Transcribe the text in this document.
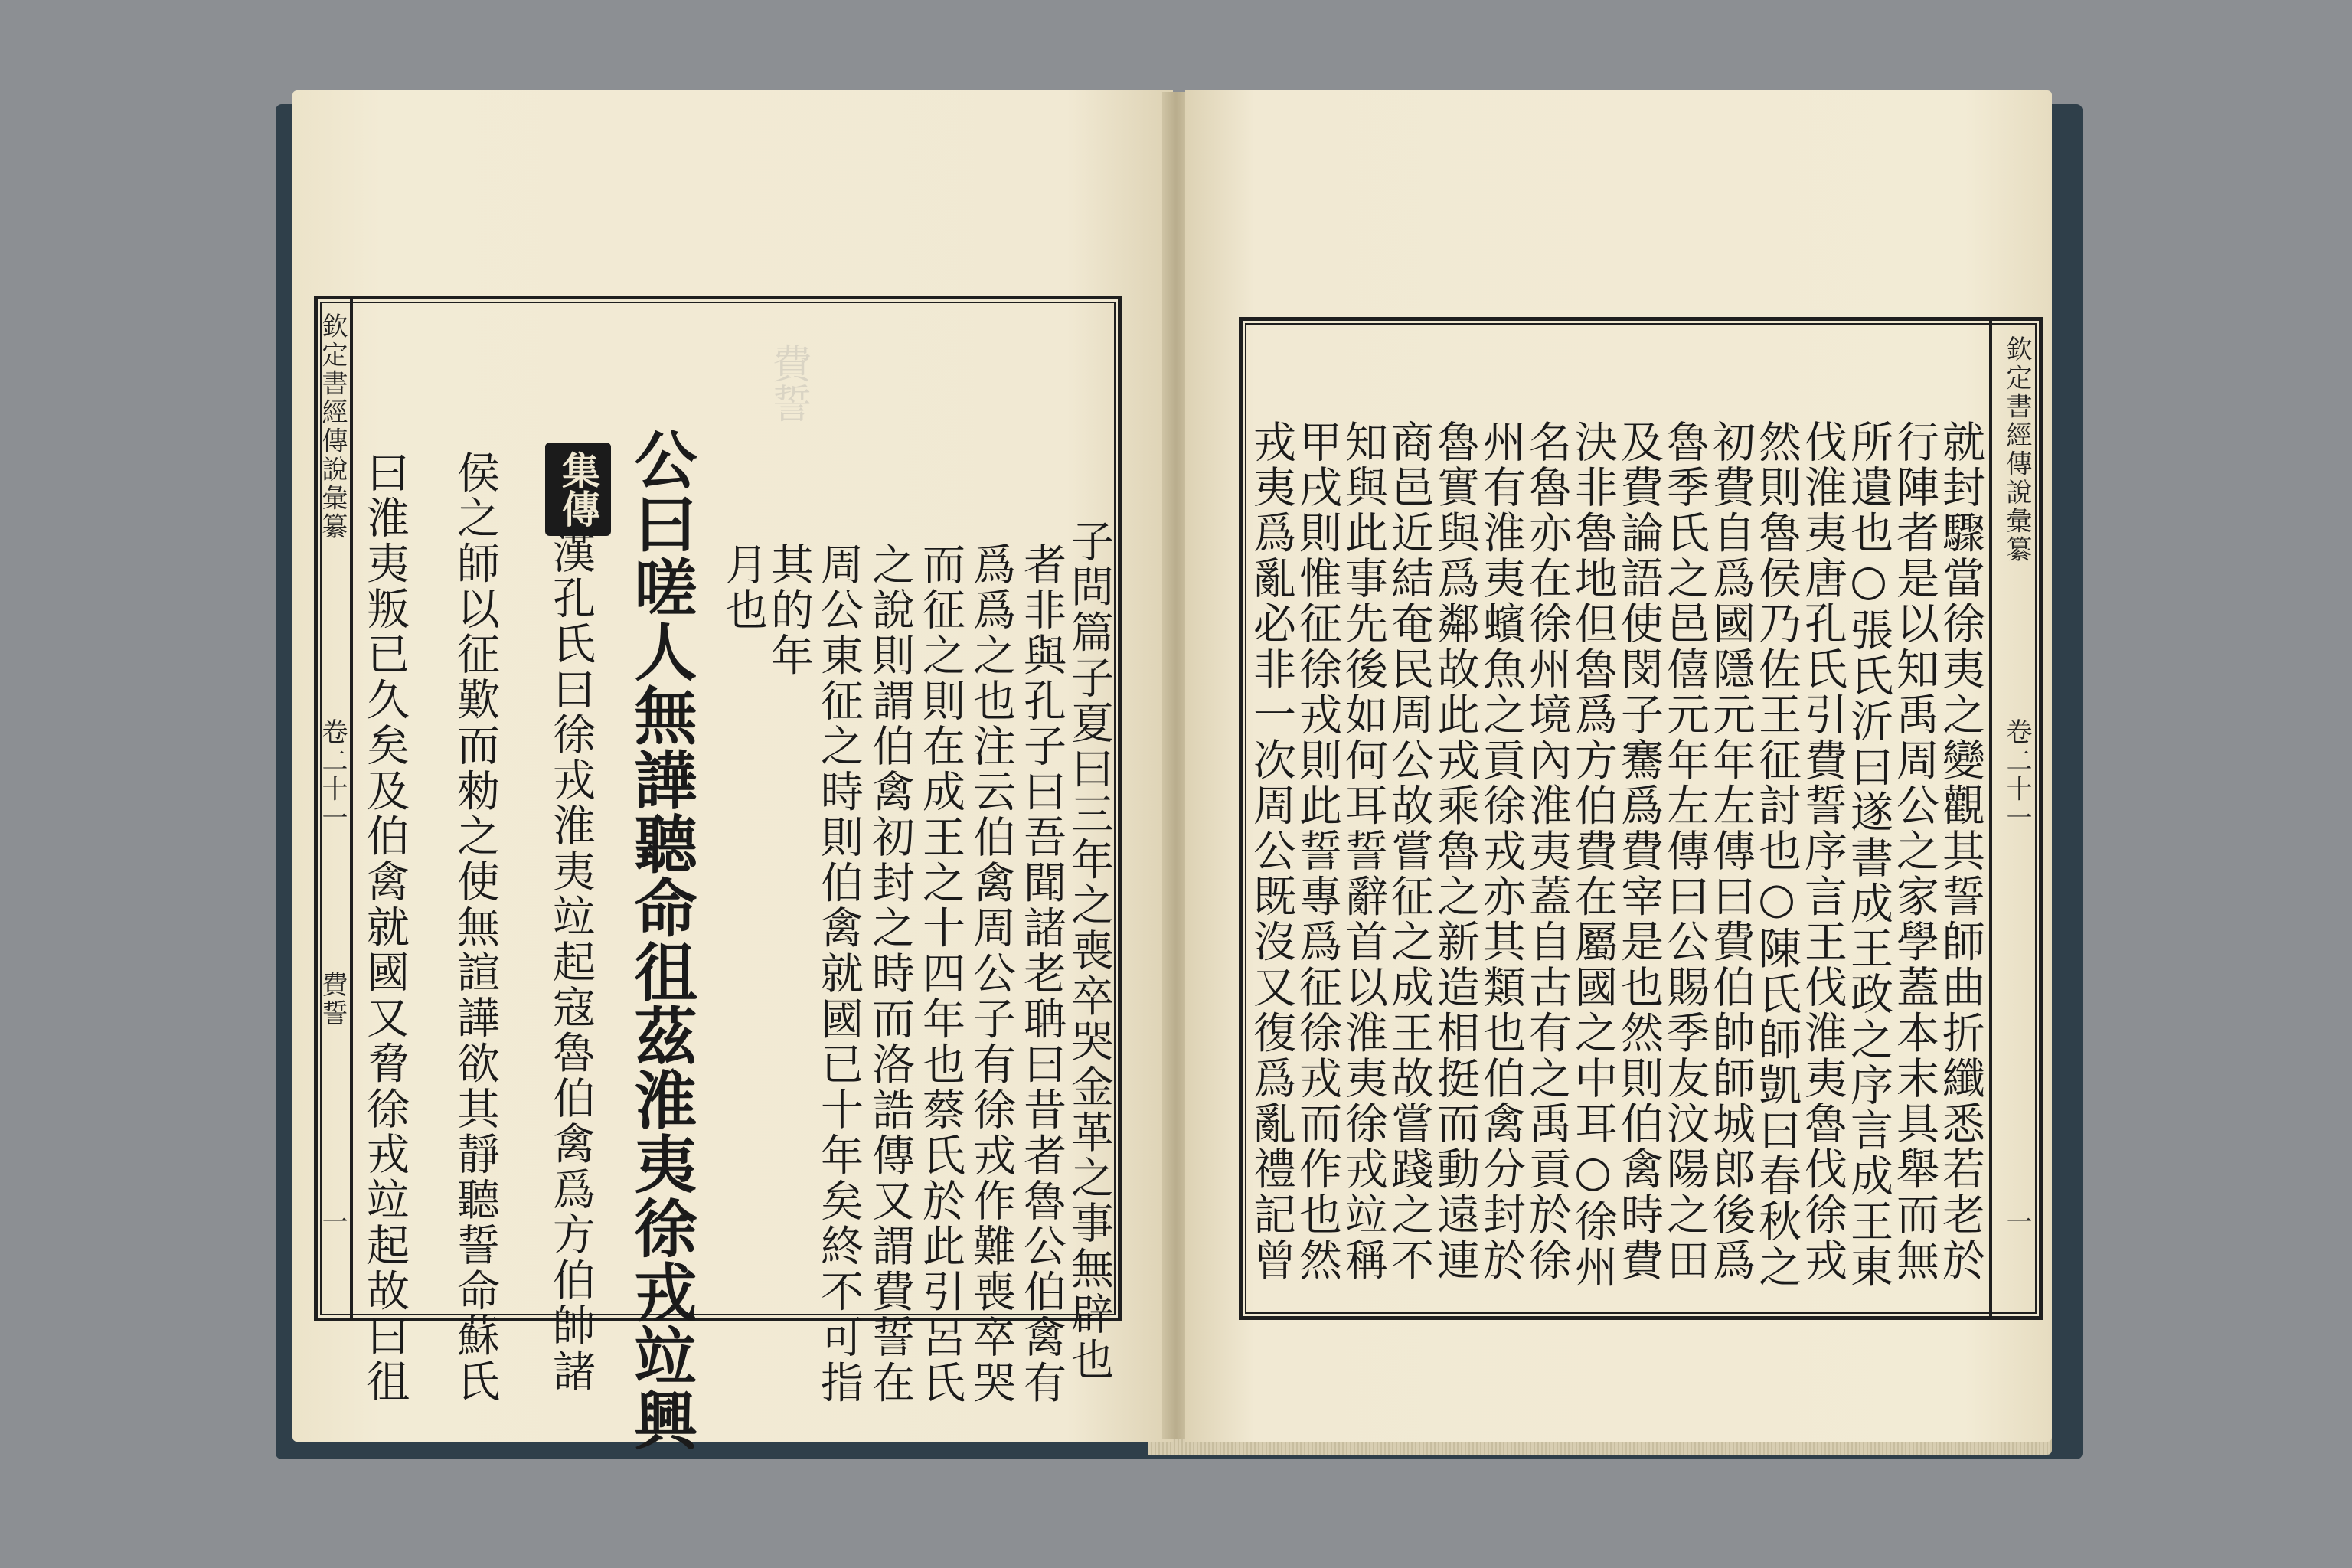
費誓
欽定書經傳說彙纂
卷二十一
費誓
一 曰淮夷叛已久矣及伯禽就國又脅徐戎竝起故曰徂 侯之師以征歎而勑之使無諠譁欲其靜聽誓命蘇氏 集傳
漢孔氏曰徐戎淮夷竝起寇魯伯禽爲方伯帥諸 公曰嗟人無譁聽命徂茲淮夷徐戎竝興 月也
其的年 周公東征之時則伯禽就國已十年矣終不可指 之說則謂伯禽初封之時而洛誥傳又謂費誓在 而征之則在成王之十四年也蔡氏於此引呂氏 爲爲之也注云伯禽周公子有徐戎作難喪卒哭 者非與孔子曰吾聞諸老聃曰昔者魯公伯禽有
子問篇子夏曰三年之喪卒哭金革之事無辟也
欽定書經傳說彙纂
卷二十一
一
就封驟當徐夷之變觀其誓師曲折纖悉若老於
行陣者是以知禹周公之家學蓋本末具舉而無
所遺也○張氏沂曰遂書成王政之序言成王東
伐淮夷唐孔氏引費誓序言王伐淮夷魯伐徐戎
然則魯侯乃佐王征討也○陳氏師凱曰春秋之
初費自爲國隱元年左傳曰費伯帥師城郎後爲
魯季氏之邑僖元年左傳曰公賜季友汶陽之田
及費論語使閔子騫爲費宰是也然則伯禽時費
決非魯地但魯爲方伯費在屬國之中耳○徐州
名魯亦在徐州境內淮夷蓋自古有之禹貢於徐
州有淮夷蠙魚之貢徐戎亦其類也伯禽分封於
魯實與爲鄰故此戎乘魯之新造相挺而動遠連
商邑近結奄民周公故嘗征之成王故嘗踐之不
知與此事先後如何耳誓辭首以淮夷徐戎竝稱
甲戌則惟征徐戎則此誓專爲征徐戎而作也然
戎夷爲亂必非一次周公既沒又復爲亂禮記曾
